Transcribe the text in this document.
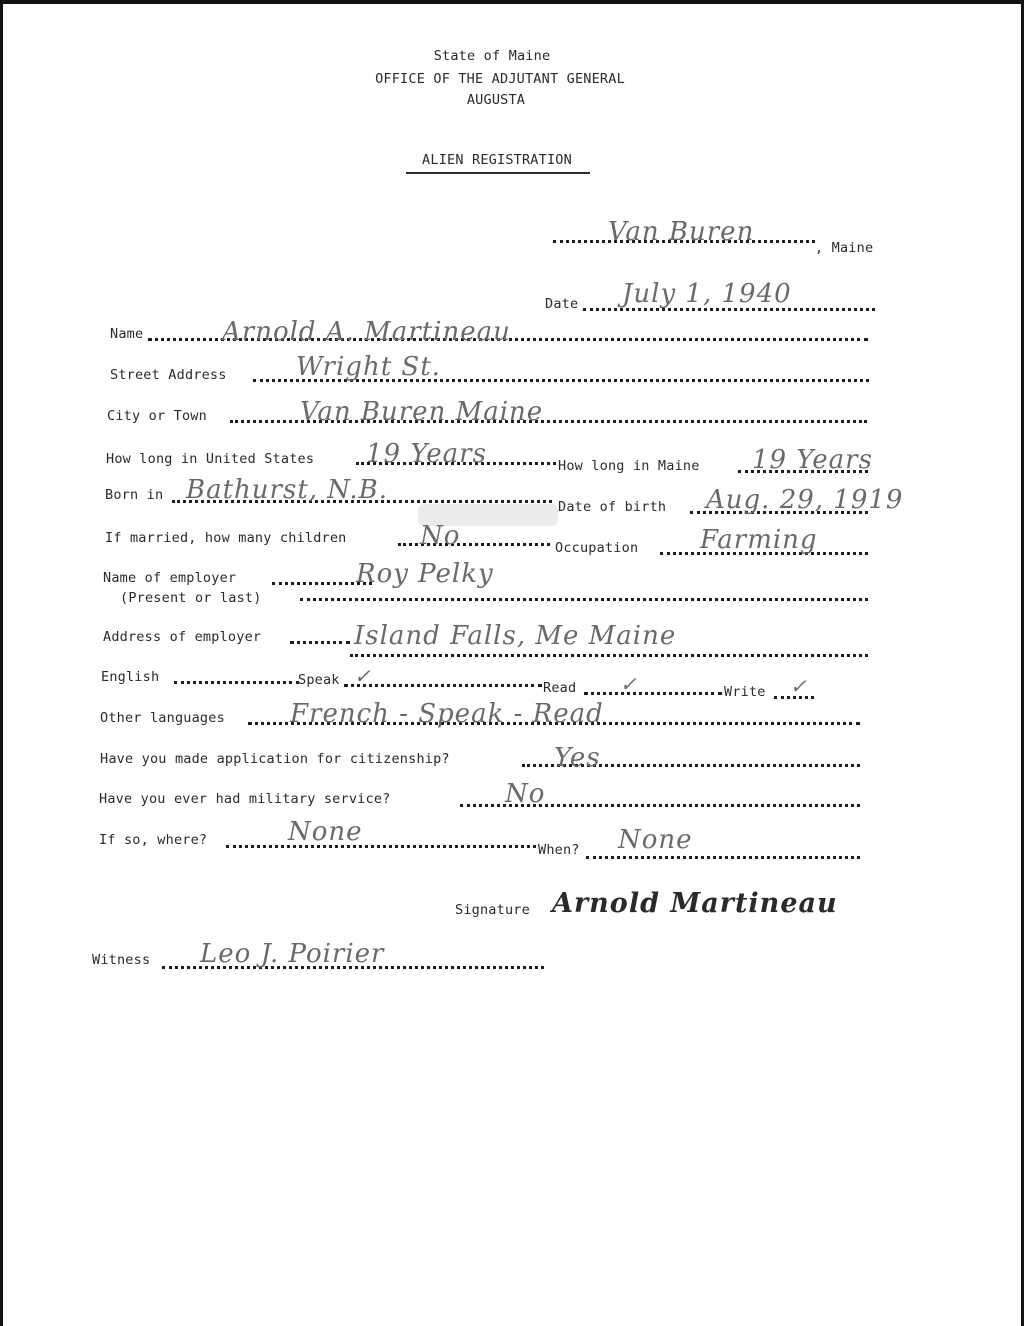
State of Maine
OFFICE OF THE ADJUTANT GENERAL
AUGUSTA
ALIEN REGISTRATION
Van Buren
, Maine
Date July 1, 1940
Name	Arnold A. Martineau
Street Address	Wright St.
City or Town	Van Buren Maine
How long in United States 19 Years	How long in Maine 19 Years
Born in Bathurst, N.B.
Date of birth Aug. 29, 1919
If married, how many children	No	Occupation Farming
Name of employer
(Present or last)
Roy Pelky
Address of employer	Island Falls, Me Maine
English	Speak ✓	Read ✓	Write ✓
Other languages	French - Speak - Read
Have you made application for citizenship?	Yes
Have you ever had military service?	No
If so, where?	None
When? None
Signature Arnold Martineau
Witness Leo J. Poirier
